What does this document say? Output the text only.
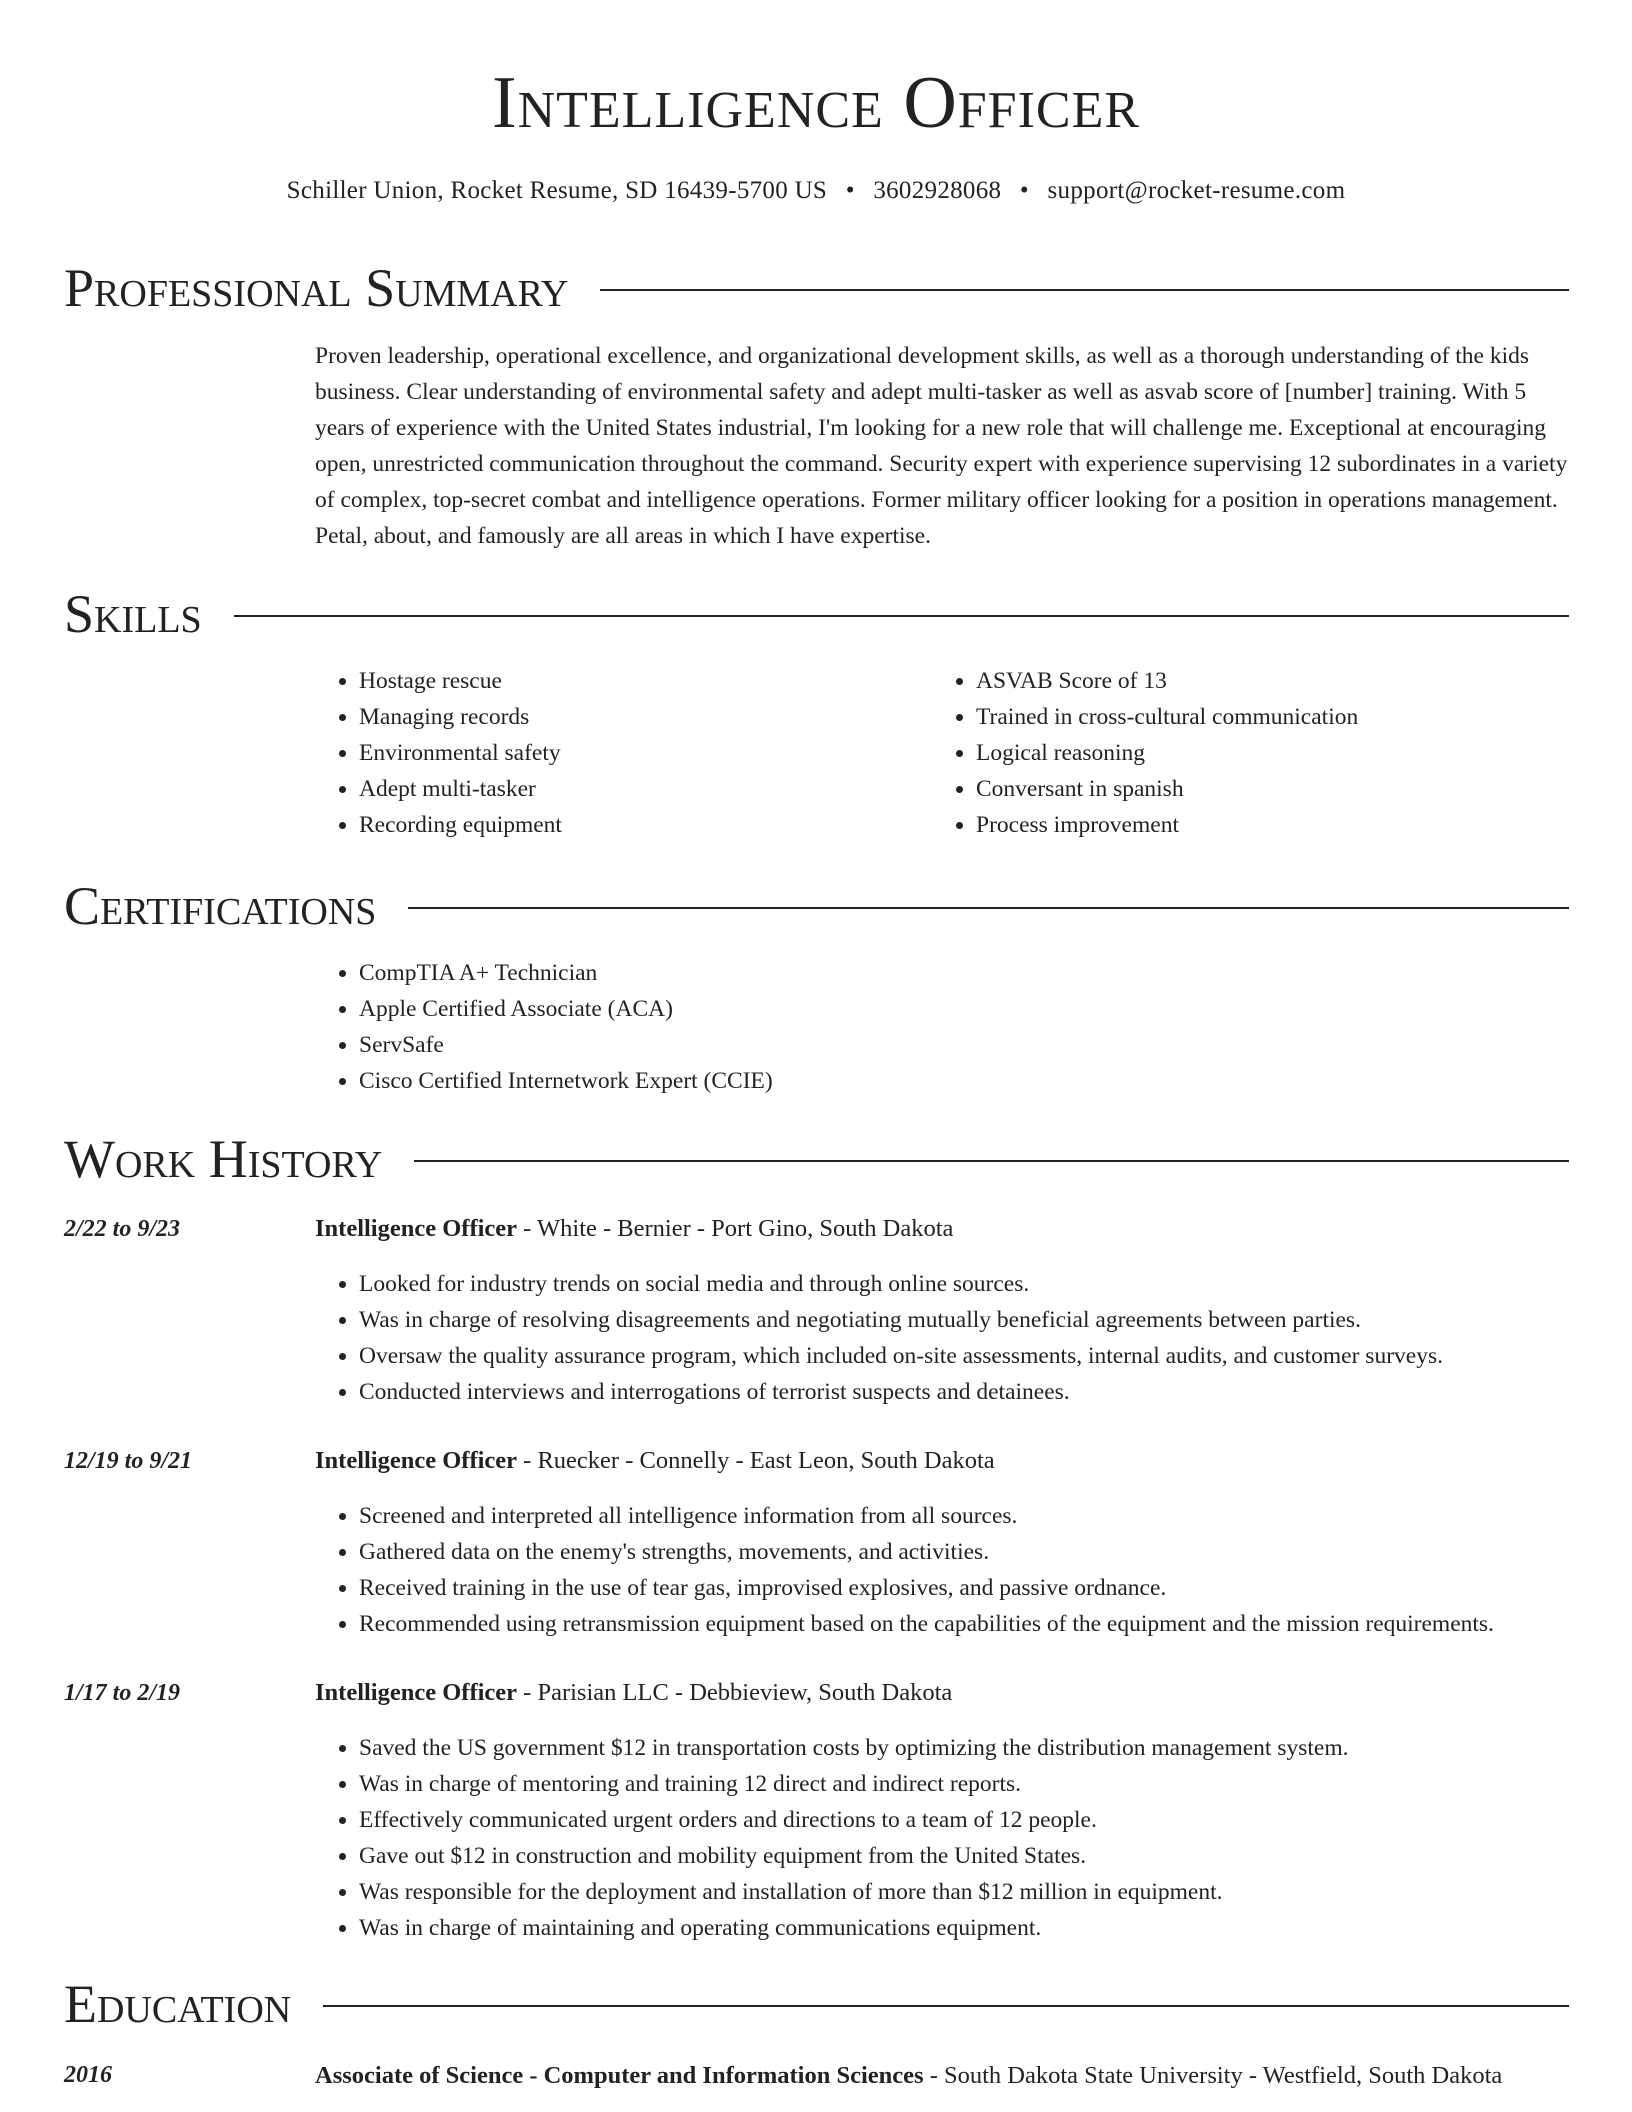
Intelligence Officer
Schiller Union, Rocket Resume, SD 16439-5700 US • 3602928068 • support@rocket-resume.com
Professional Summary

Proven leadership, operational excellence, and organizational development skills, as well as a thorough understanding of the kids business. Clear understanding of environmental safety and adept multi-tasker as well as asvab score of [number] training. With 5 years of experience with the United States industrial, I'm looking for a new role that will challenge me. Exceptional at encouraging open, unrestricted communication throughout the command. Security expert with experience supervising 12 subordinates in a variety of complex, top-secret combat and intelligence operations. Former military officer looking for a position in operations management. Petal, about, and famously are all areas in which I have expertise.

Skills
• Hostage rescue
• Managing records
• Environmental safety
• Adept multi-tasker
• Recording equipment
• ASVAB Score of 13
• Trained in cross-cultural communication
• Logical reasoning
• Conversant in spanish
• Process improvement
Certifications
• CompTIA A+ Technician
• Apple Certified Associate (ACA)
• ServSafe
• Cisco Certified Internetwork Expert (CCIE)
Work History
2/22 to 9/23	Intelligence Officer - White - Bernier - Port Gino, South Dakota
• Looked for industry trends on social media and through online sources.
• Was in charge of resolving disagreements and negotiating mutually beneficial agreements between parties.
• Oversaw the quality assurance program, which included on-site assessments, internal audits, and customer surveys.
• Conducted interviews and interrogations of terrorist suspects and detainees.
12/19 to 9/21	Intelligence Officer - Ruecker - Connelly - East Leon, South Dakota
• Screened and interpreted all intelligence information from all sources.
• Gathered data on the enemy's strengths, movements, and activities.
• Received training in the use of tear gas, improvised explosives, and passive ordnance.
• Recommended using retransmission equipment based on the capabilities of the equipment and the mission requirements.
1/17 to 2/19	Intelligence Officer - Parisian LLC - Debbieview, South Dakota
• Saved the US government $12 in transportation costs by optimizing the distribution management system.
• Was in charge of mentoring and training 12 direct and indirect reports.
• Effectively communicated urgent orders and directions to a team of 12 people.
• Gave out $12 in construction and mobility equipment from the United States.
• Was responsible for the deployment and installation of more than $12 million in equipment.
• Was in charge of maintaining and operating communications equipment.
Education
2016	Associate of Science - Computer and Information Sciences - South Dakota State University - Westfield, South Dakota
